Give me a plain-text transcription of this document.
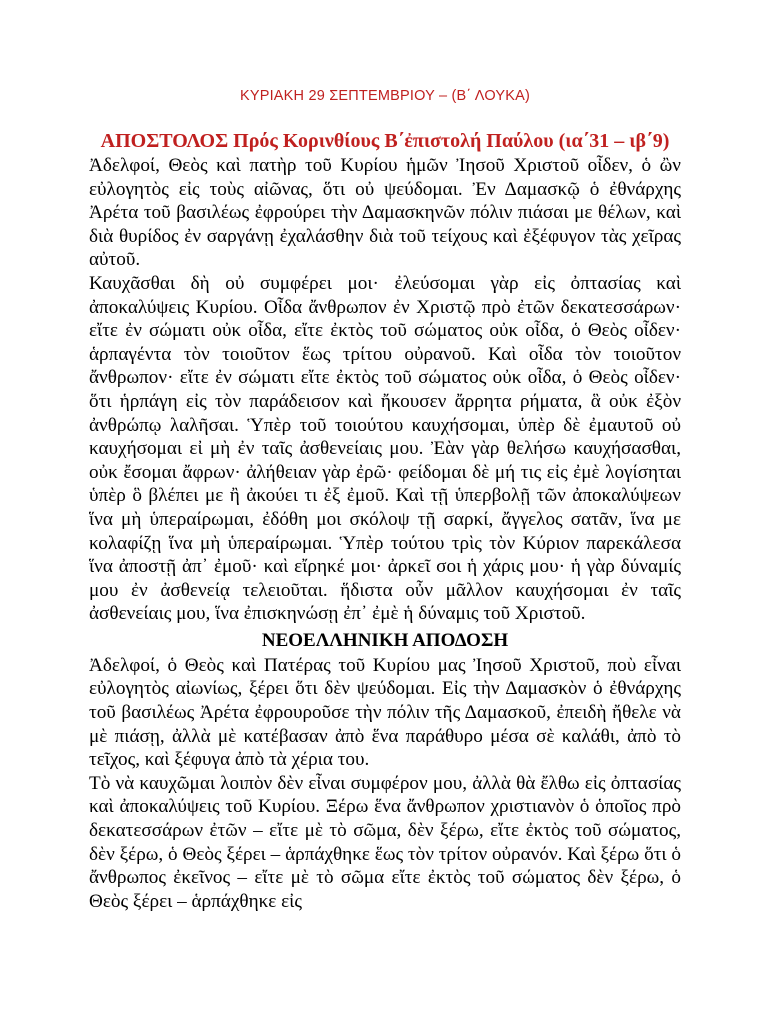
ΚΥΡΙΑΚΗ 29 ΣΕΠΤΕΜΒΡΙΟΥ – (Β΄ ΛΟΥΚΑ)
ΑΠΟΣΤΟΛΟΣ Πρός Κορινθίους Β΄ἐπιστολή Παύλου (ια΄31 – ιβ΄9)

Ἀδελφοί, Θεὸς καὶ πατὴρ τοῦ Κυρίου ἡμῶν Ἰησοῦ Χριστοῦ οἶδεν, ὁ ὢν εὐλογητὸς εἰς τοὺς αἰῶνας, ὅτι οὐ ψεύδομαι. Ἐν Δαμασκῷ ὁ ἐθνάρχης Ἀρέτα τοῦ βασιλέως ἐφρούρει τὴν Δαμασκηνῶν πόλιν πιάσαι με θέλων, καὶ διὰ θυρίδος ἐν σαργάνῃ ἐχαλάσθην διὰ τοῦ τείχους καὶ ἐξέφυγον τὰς χεῖρας αὐτοῦ.

Καυχᾶσθαι δὴ οὐ συμφέρει μοι· ἐλεύσομαι γὰρ εἰς ὀπτασίας καὶ ἀποκαλύψεις Κυρίου. Οἶδα ἄνθρωπον ἐν Χριστῷ πρὸ ἐτῶν δεκατεσσάρων· εἴτε ἐν σώματι οὐκ οἶδα, εἴτε ἐκτὸς τοῦ σώματος οὐκ οἶδα, ὁ Θεὸς οἶδεν· ἁρπαγέντα τὸν τοιοῦτον ἕως τρίτου οὐρανοῦ. Καὶ οἶδα τὸν τοιοῦτον ἄνθρωπον· εἴτε ἐν σώματι εἴτε ἐκτὸς τοῦ σώματος οὐκ οἶδα, ὁ Θεὸς οἶδεν· ὅτι ἡρπάγη εἰς τὸν παράδεισον καὶ ἤκουσεν ἄρρητα ρήματα, ἃ οὐκ ἐξὸν ἀνθρώπῳ λαλῆσαι. Ὑπὲρ τοῦ τοιούτου καυχήσομαι, ὑπὲρ δὲ ἐμαυτοῦ οὐ καυχήσομαι εἰ μὴ ἐν ταῖς ἀσθενείαις μου. Ἐὰν γὰρ θελήσω καυχήσασθαι, οὐκ ἔσομαι ἄφρων· ἀλήθειαν γὰρ ἐρῶ· φείδομαι δὲ μή τις εἰς ἐμὲ λογίσηται ὑπὲρ ὃ βλέπει με ἢ ἀκούει τι ἐξ ἐμοῦ. Καὶ τῇ ὑπερβολῇ τῶν ἀποκαλύψεων ἵνα μὴ ὑπεραίρωμαι, ἐδόθη μοι σκόλοψ τῇ σαρκί, ἄγγελος σατᾶν, ἵνα με κολαφίζῃ ἵνα μὴ ὑπεραίρωμαι. Ὑπὲρ τούτου τρὶς τὸν Κύριον παρεκάλεσα ἵνα ἀποστῇ ἀπ᾽ ἐμοῦ· καὶ εἴρηκέ μοι· ἀρκεῖ σοι ἡ χάρις μου· ἡ γὰρ δύναμίς μου ἐν ἀσθενείᾳ τελειοῦται. ἥδιστα οὖν μᾶλλον καυχήσομαι ἐν ταῖς ἀσθενείαις μου, ἵνα ἐπισκηνώσῃ ἐπ᾽ ἐμὲ ἡ δύναμις τοῦ Χριστοῦ.

ΝΕΟΕΛΛΗΝΙΚΗ ΑΠΟΔΟΣΗ

Ἀδελφοί, ὁ Θεὸς καὶ Πατέρας τοῦ Κυρίου μας Ἰησοῦ Χριστοῦ, ποὺ εἶναι εὐλογητὸς αἰωνίως, ξέρει ὅτι δὲν ψεύδομαι. Εἰς τὴν Δαμασκὸν ὁ ἐθνάρχης τοῦ βασιλέως Ἀρέτα ἐφρουροῦσε τὴν πόλιν τῆς Δαμασκοῦ, ἐπειδὴ ἤθελε νὰ μὲ πιάσῃ, ἀλλὰ μὲ κατέβασαν ἀπὸ ἕνα παράθυρο μέσα σὲ καλάθι, ἀπὸ τὸ τεῖχος, καὶ ξέφυγα ἀπὸ τὰ χέρια του.

Τὸ νὰ καυχῶμαι λοιπὸν δὲν εἶναι συμφέρον μου, ἀλλὰ θὰ ἔλθω εἰς ὀπτασίας καὶ ἀποκαλύψεις τοῦ Κυρίου. Ξέρω ἕνα ἄνθρωπον χριστιανὸν ὁ ὁποῖος πρὸ δεκατεσσάρων ἐτῶν – εἴτε μὲ τὸ σῶμα, δὲν ξέρω, εἴτε ἐκτὸς τοῦ σώματος, δὲν ξέρω, ὁ Θεὸς ξέρει – ἁρπάχθηκε ἕως τὸν τρίτον οὐρανόν. Καὶ ξέρω ὅτι ὁ ἄνθρωπος ἐκεῖνος – εἴτε μὲ τὸ σῶμα εἴτε ἐκτὸς τοῦ σώματος δὲν ξέρω, ὁ Θεὸς ξέρει – ἁρπάχθηκε εἰς
